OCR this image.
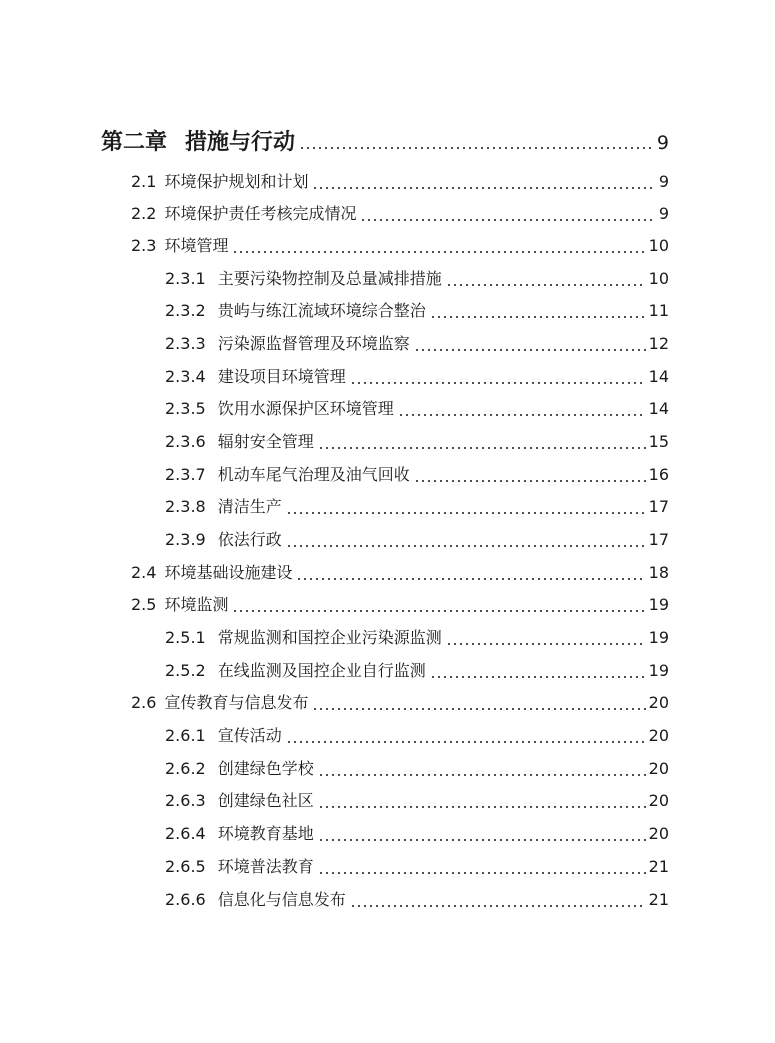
第二章 措施与行动	9
2.1 环境保护规划和计划	9
2.2 环境保护责任考核完成情况	9
2.3 环境管理	10
2.3.1 主要污染物控制及总量减排措施	10
2.3.2 贵屿与练江流域环境综合整治	11
2.3.3 污染源监督管理及环境监察	12
2.3.4 建设项目环境管理	14
2.3.5 饮用水源保护区环境管理	14
2.3.6 辐射安全管理	15
2.3.7 机动车尾气治理及油气回收	16
2.3.8 清洁生产	17
2.3.9 依法行政	17
2.4 环境基础设施建设	18
2.5 环境监测	19
2.5.1 常规监测和国控企业污染源监测	19
2.5.2 在线监测及国控企业自行监测	19
2.6 宣传教育与信息发布	20
2.6.1 宣传活动	20
2.6.2 创建绿色学校	20
2.6.3 创建绿色社区	20
2.6.4 环境教育基地	20
2.6.5 环境普法教育	21
2.6.6 信息化与信息发布	21
